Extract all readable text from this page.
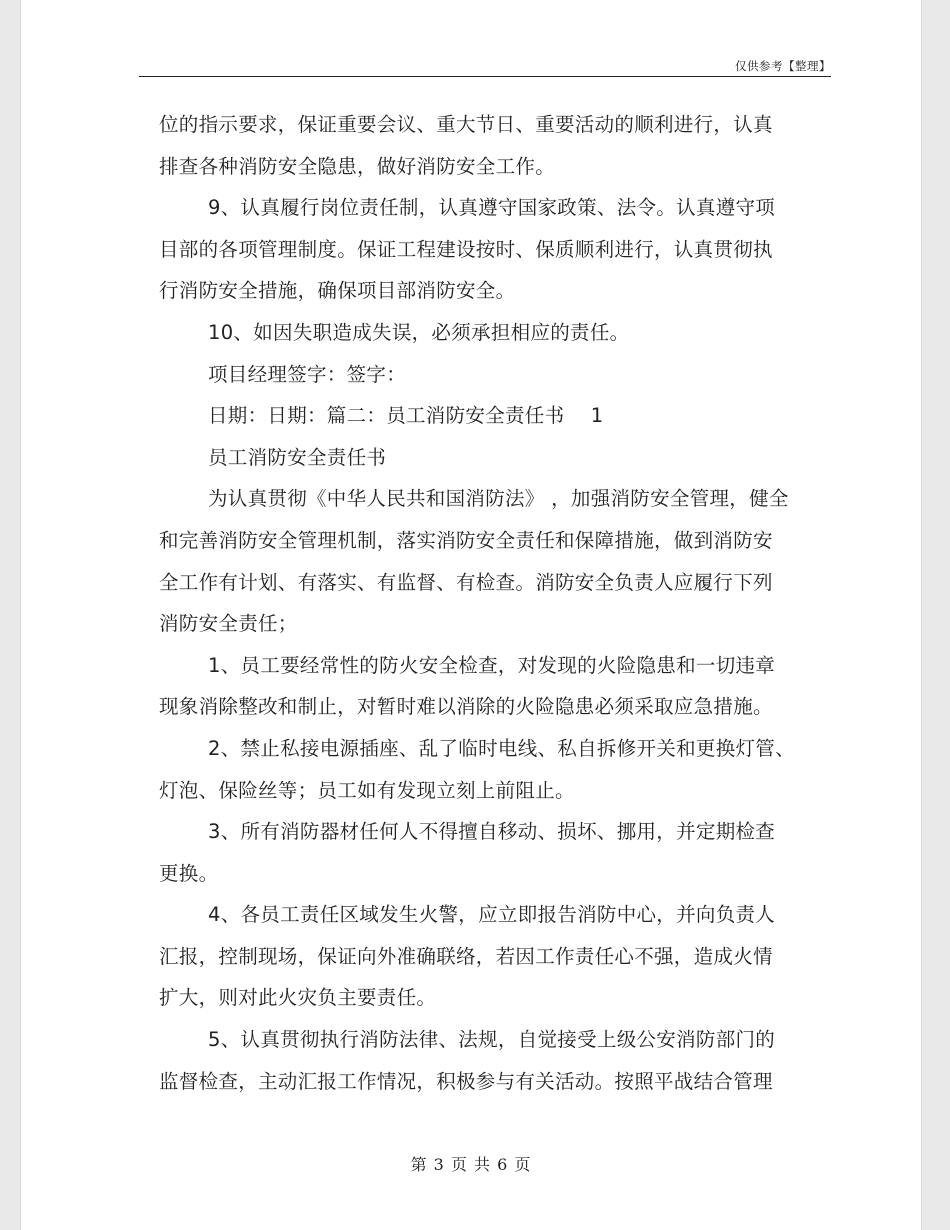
仅供参考【整理】
位的指示要求，保证重要会议、重大节日、重要活动的顺利进行，认真
排查各种消防安全隐患，做好消防安全工作。
9、认真履行岗位责任制，认真遵守国家政策、法令。认真遵守项
目部的各项管理制度。保证工程建设按时、保质顺利进行，认真贯彻执
行消防安全措施，确保项目部消防安全。
10、如因失职造成失误，必须承担相应的责任。
项目经理签字：签字：
日期：日期：篇二：员工消防安全责任书　 1
员工消防安全责任书
为认真贯彻《中华人民共和国消防法》 ，加强消防安全管理，健全
和完善消防安全管理机制，落实消防安全责任和保障措施，做到消防安
全工作有计划、有落实、有监督、有检查。消防安全负责人应履行下列
消防安全责任；
1、员工要经常性的防火安全检查，对发现的火险隐患和一切违章
现象消除整改和制止，对暂时难以消除的火险隐患必须采取应急措施。
2、禁止私接电源插座、乱了临时电线、私自拆修开关和更换灯管、
灯泡、保险丝等；员工如有发现立刻上前阻止。
3、所有消防器材任何人不得擅自移动、损坏、挪用，并定期检查
更换。
4、各员工责任区域发生火警，应立即报告消防中心，并向负责人
汇报，控制现场，保证向外准确联络，若因工作责任心不强，造成火情
扩大，则对此火灾负主要责任。
5、认真贯彻执行消防法律、法规，自觉接受上级公安消防部门的
监督检查，主动汇报工作情况，积极参与有关活动。按照平战结合管理
第 3 页 共 6 页
